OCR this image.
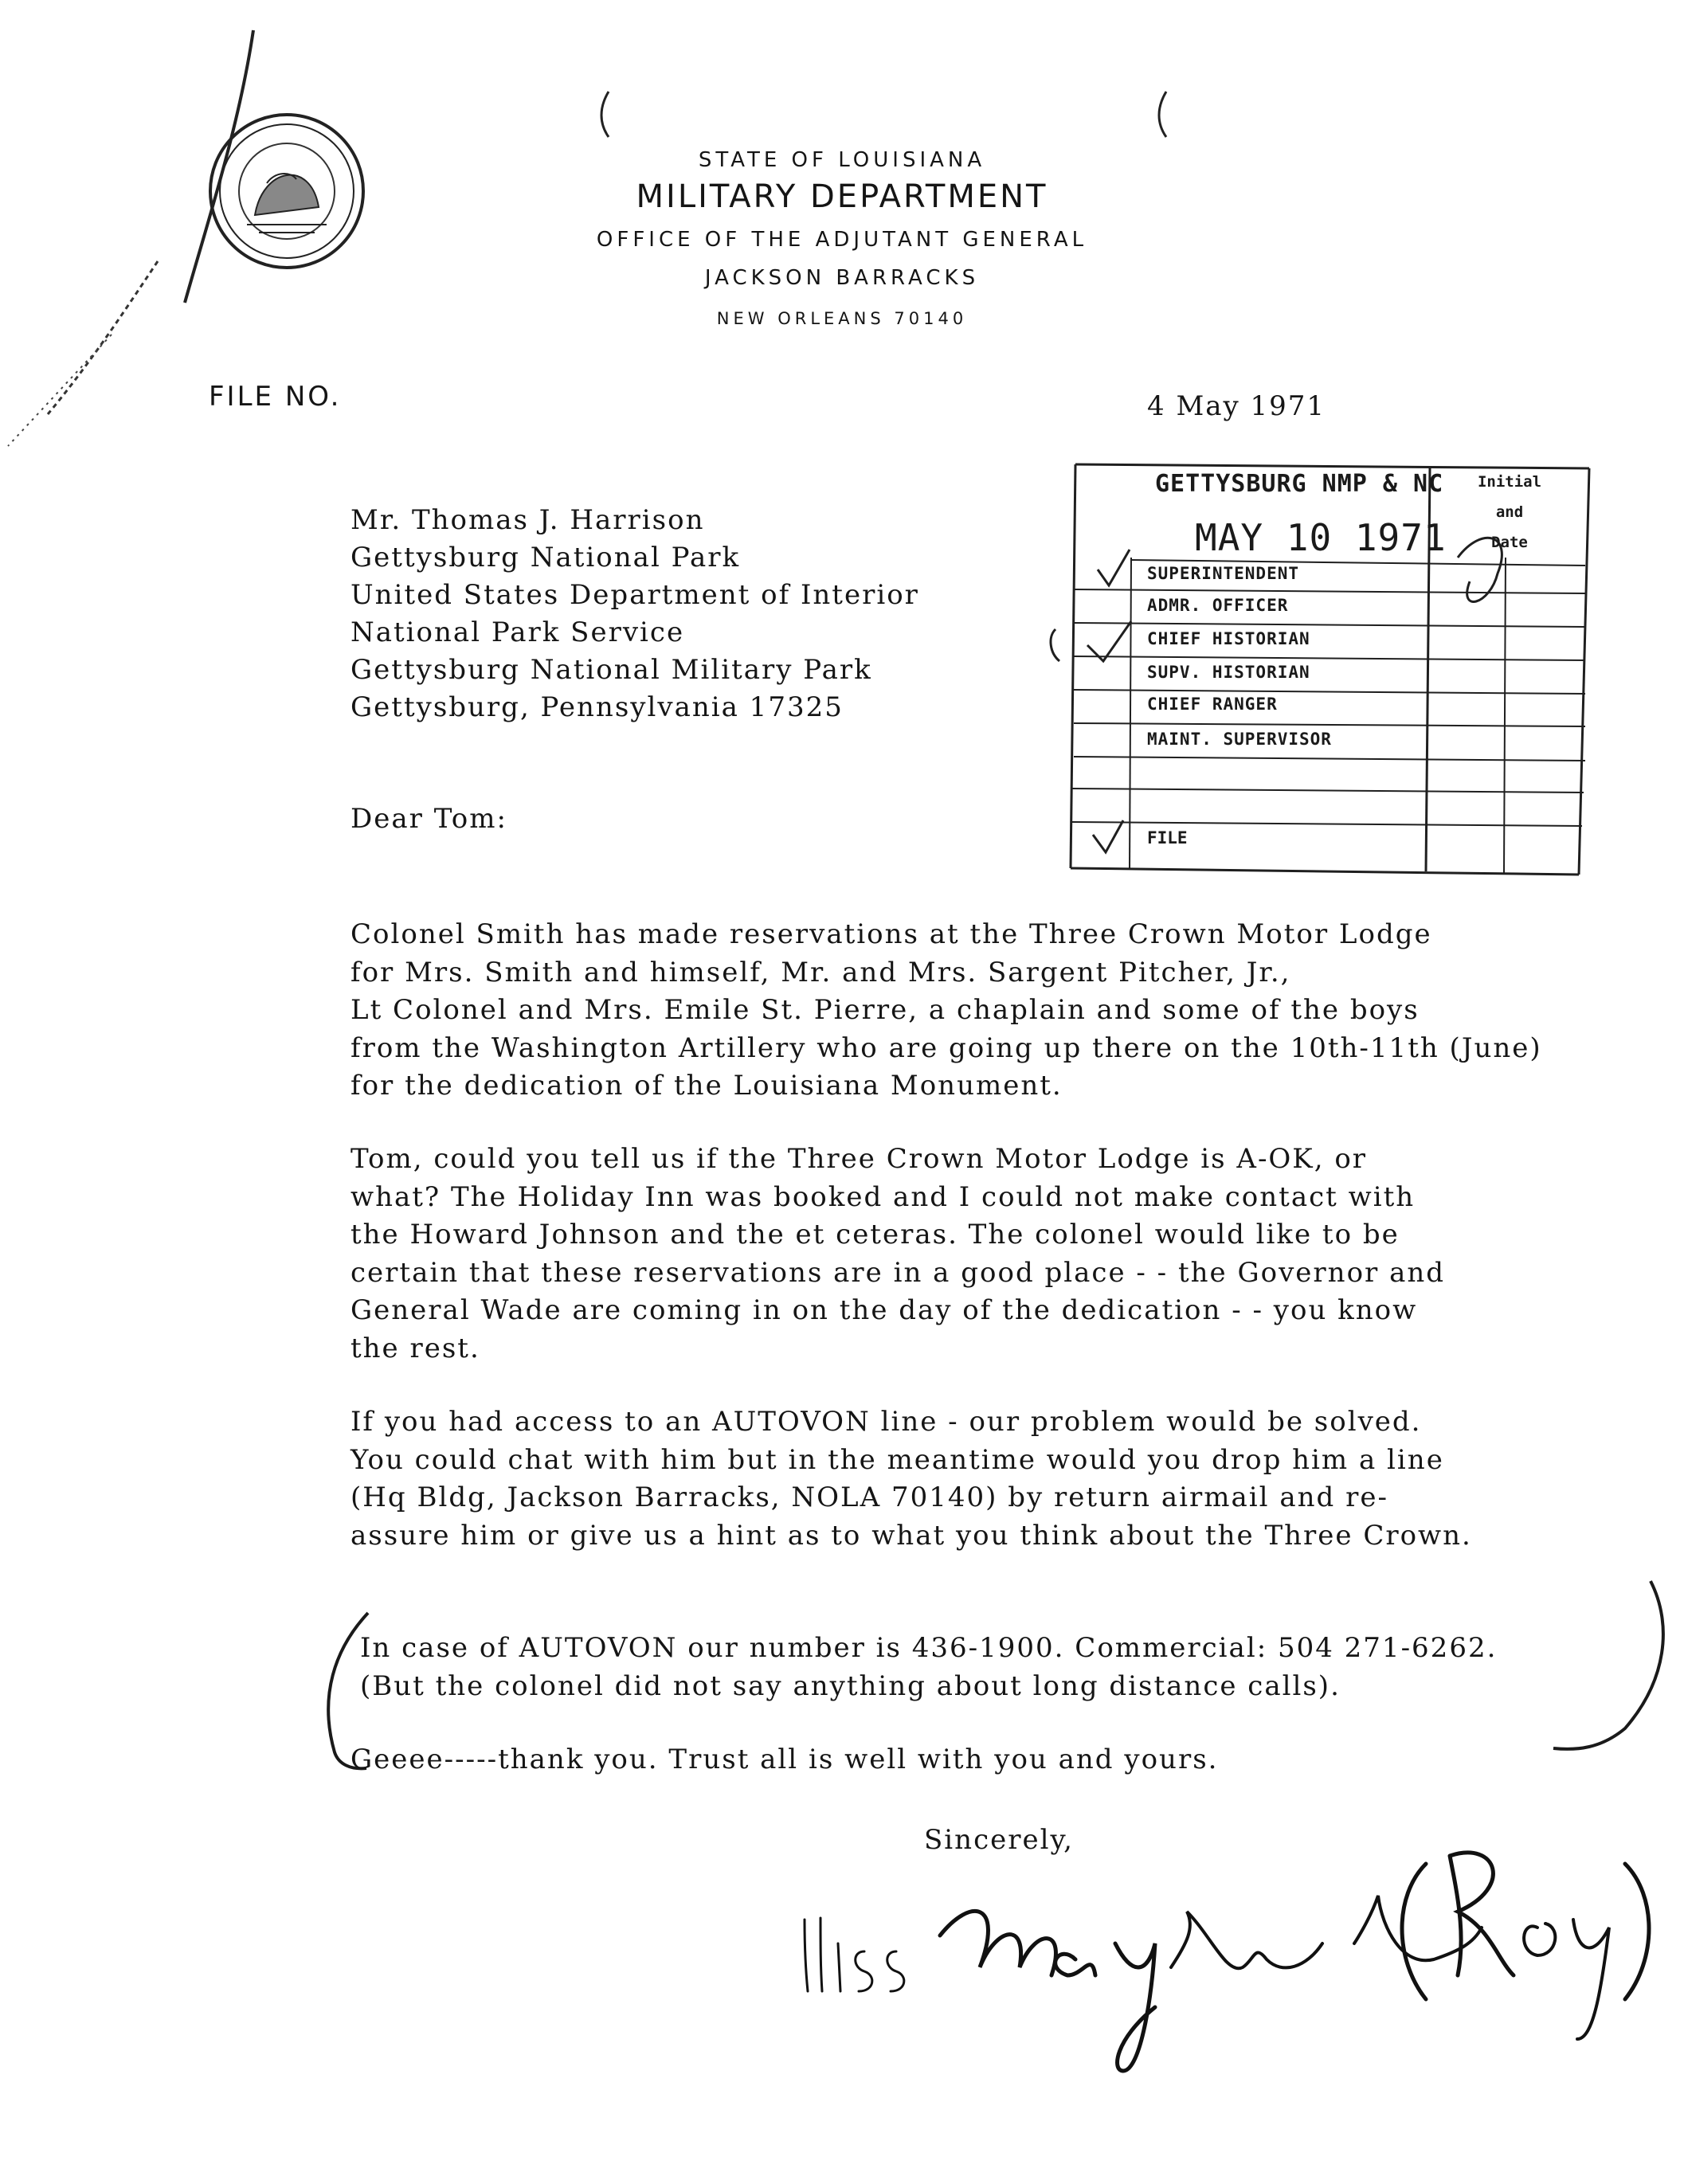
STATE OF LOUISIANA
MILITARY DEPARTMENT
OFFICE OF THE ADJUTANT GENERAL
JACKSON BARRACKS
NEW ORLEANS 70140
FILE NO.	4 May 1971
Mr. Thomas J. Harrison
Gettysburg National Park
United States Department of Interior
National Park Service
Gettysburg National Military Park
Gettysburg, Pennsylvania 17325
GETTYSBURG NMP & NC
MAY 10 1971
Initial
and
Date
SUPERINTENDENT
ADMR. OFFICER
CHIEF HISTORIAN
SUPV. HISTORIAN
CHIEF RANGER
MAINT. SUPERVISOR
FILE
Dear Tom:
Colonel Smith has made reservations at the Three Crown Motor Lodge
for Mrs. Smith and himself, Mr. and Mrs. Sargent Pitcher, Jr.,
Lt Colonel and Mrs. Emile St. Pierre, a chaplain and some of the boys
from the Washington Artillery who are going up there on the 10th-11th (June)
for the dedication of the Louisiana Monument.
Tom, could you tell us if the Three Crown Motor Lodge is A-OK, or
what? The Holiday Inn was booked and I could not make contact with
the Howard Johnson and the et ceteras. The colonel would like to be
certain that these reservations are in a good place - - the Governor and
General Wade are coming in on the day of the dedication - - you know
the rest.
If you had access to an AUTOVON line - our problem would be solved.
You could chat with him but in the meantime would you drop him a line
(Hq Bldg, Jackson Barracks, NOLA 70140) by return airmail and re-
assure him or give us a hint as to what you think about the Three Crown.
In case of AUTOVON our number is 436-1900. Commercial: 504 271-6262.
(But the colonel did not say anything about long distance calls).
Geeee-----thank you. Trust all is well with you and yours.
Sincerely,
